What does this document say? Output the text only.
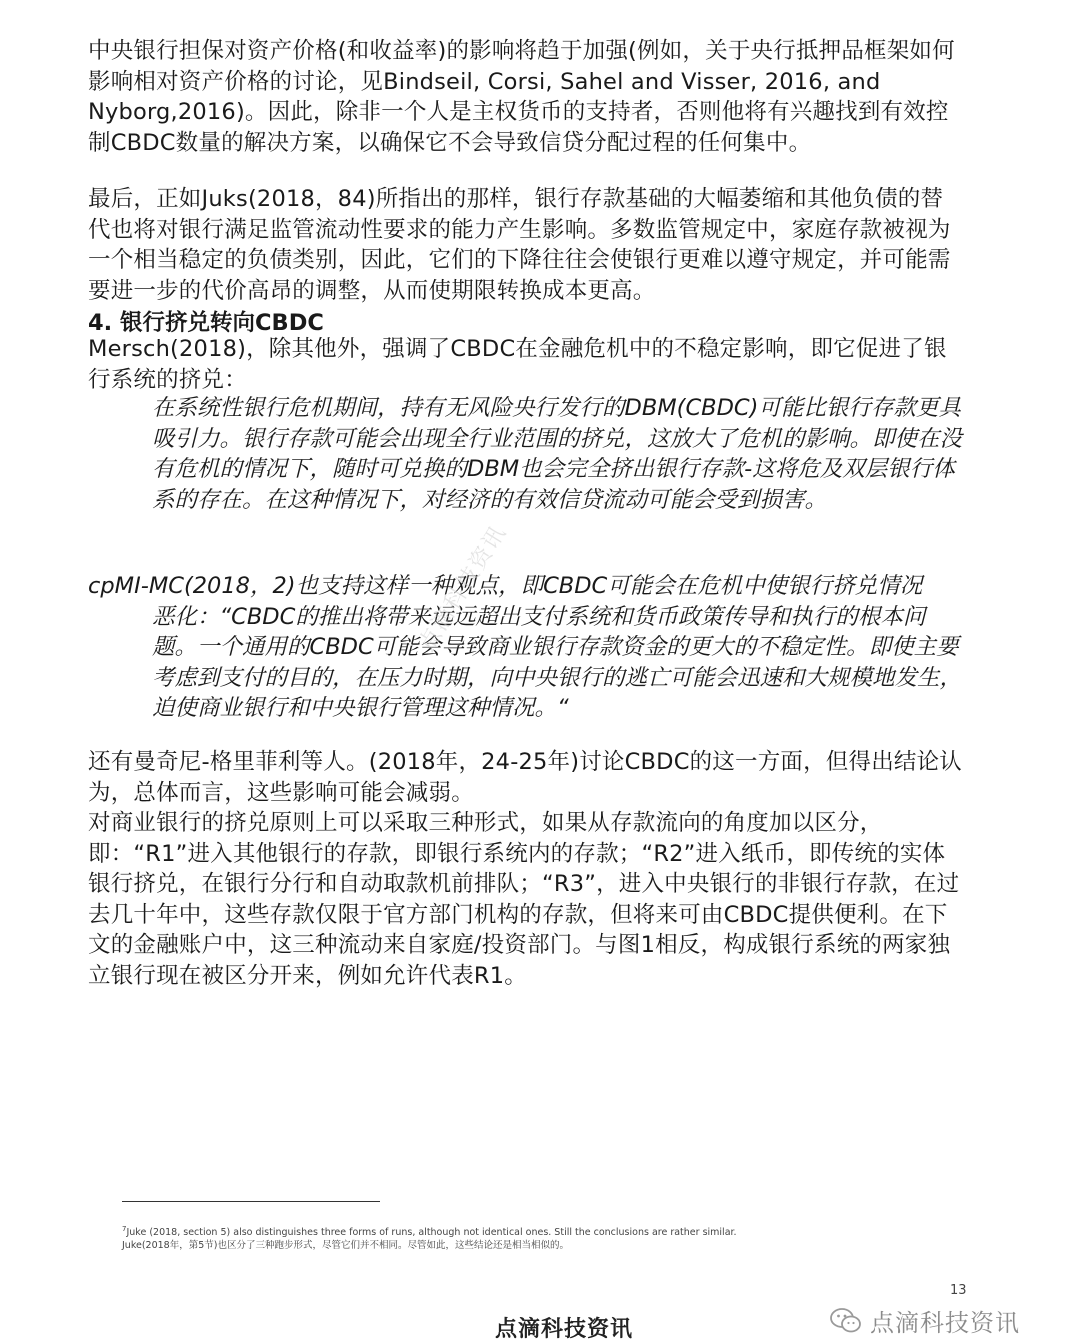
中央银行担保对资产价格(和收益率)的影响将趋于加强(例如，关于央行抵押品框架如何影响相对资产价格的讨论，见Bindseil, Corsi, Sahel and Visser, 2016, and Nyborg,2016)。因此，除非一个人是主权货币的支持者，否则他将有兴趣找到有效控制CBDC数量的解决方案，以确保它不会导致信贷分配过程的任何集中。

最后，正如Juks(2018，84)所指出的那样，银行存款基础的大幅萎缩和其他负债的替代也将对银行满足监管流动性要求的能力产生影响。多数监管规定中，家庭存款被视为一个相当稳定的负债类别，因此，它们的下降往往会使银行更难以遵守规定，并可能需要进一步的代价高昂的调整，从而使期限转换成本更高。

4. 银行挤兑转向CBDC

Mersch(2018)，除其他外，强调了CBDC在金融危机中的不稳定影响，即它促进了银行系统的挤兑：

在系统性银行危机期间，持有无风险央行发行的DBM(CBDC)可能比银行存款更具吸引力。银行存款可能会出现全行业范围的挤兑，这放大了危机的影响。即使在没有危机的情况下，随时可兑换的DBM也会完全挤出银行存款-这将危及双层银行体系的存在。在这种情况下，对经济的有效信贷流动可能会受到损害。

cpMI-MC(2018，2)也支持这样一种观点，即CBDC可能会在危机中使银行挤兑情况
恶化：“CBDC的推出将带来远远超出支付系统和货币政策传导和执行的根本问题。一个通用的CBDC可能会导致商业银行存款资金的更大的不稳定性。即使主要考虑到支付的目的，在压力时期，向中央银行的逃亡可能会迅速和大规模地发生，迫使商业银行和中央银行管理这种情况。“

还有曼奇尼-格里菲利等人。(2018年，24-25年)讨论CBDC的这一方面，但得出结论认为，总体而言，这些影响可能会减弱。

对商业银行的挤兑原则上可以采取三种形式，如果从存款流向的角度加以区分，即：“R1”进入其他银行的存款，即银行系统内的存款；“R2”进入纸币，即传统的实体银行挤兑，在银行分行和自动取款机前排队；“R3”，进入中央银行的非银行存款，在过去几十年中，这些存款仅限于官方部门机构的存款，但将来可由CBDC提供便利。在下文的金融账户中，这三种流动来自家庭/投资部门。与图1相反，构成银行系统的两家独立银行现在被区分开来，例如允许代表R1。

$^7$Juke (2018, section 5) also distinguishes three forms of runs, although not identical ones. Still the conclusions are rather similar.
Juke(2018年，第5节)也区分了三种跑步形式，尽管它们并不相同。尽管如此，这些结论还是相当相似的。
点滴科技资讯
13
点滴科技资讯	点滴科技资讯
